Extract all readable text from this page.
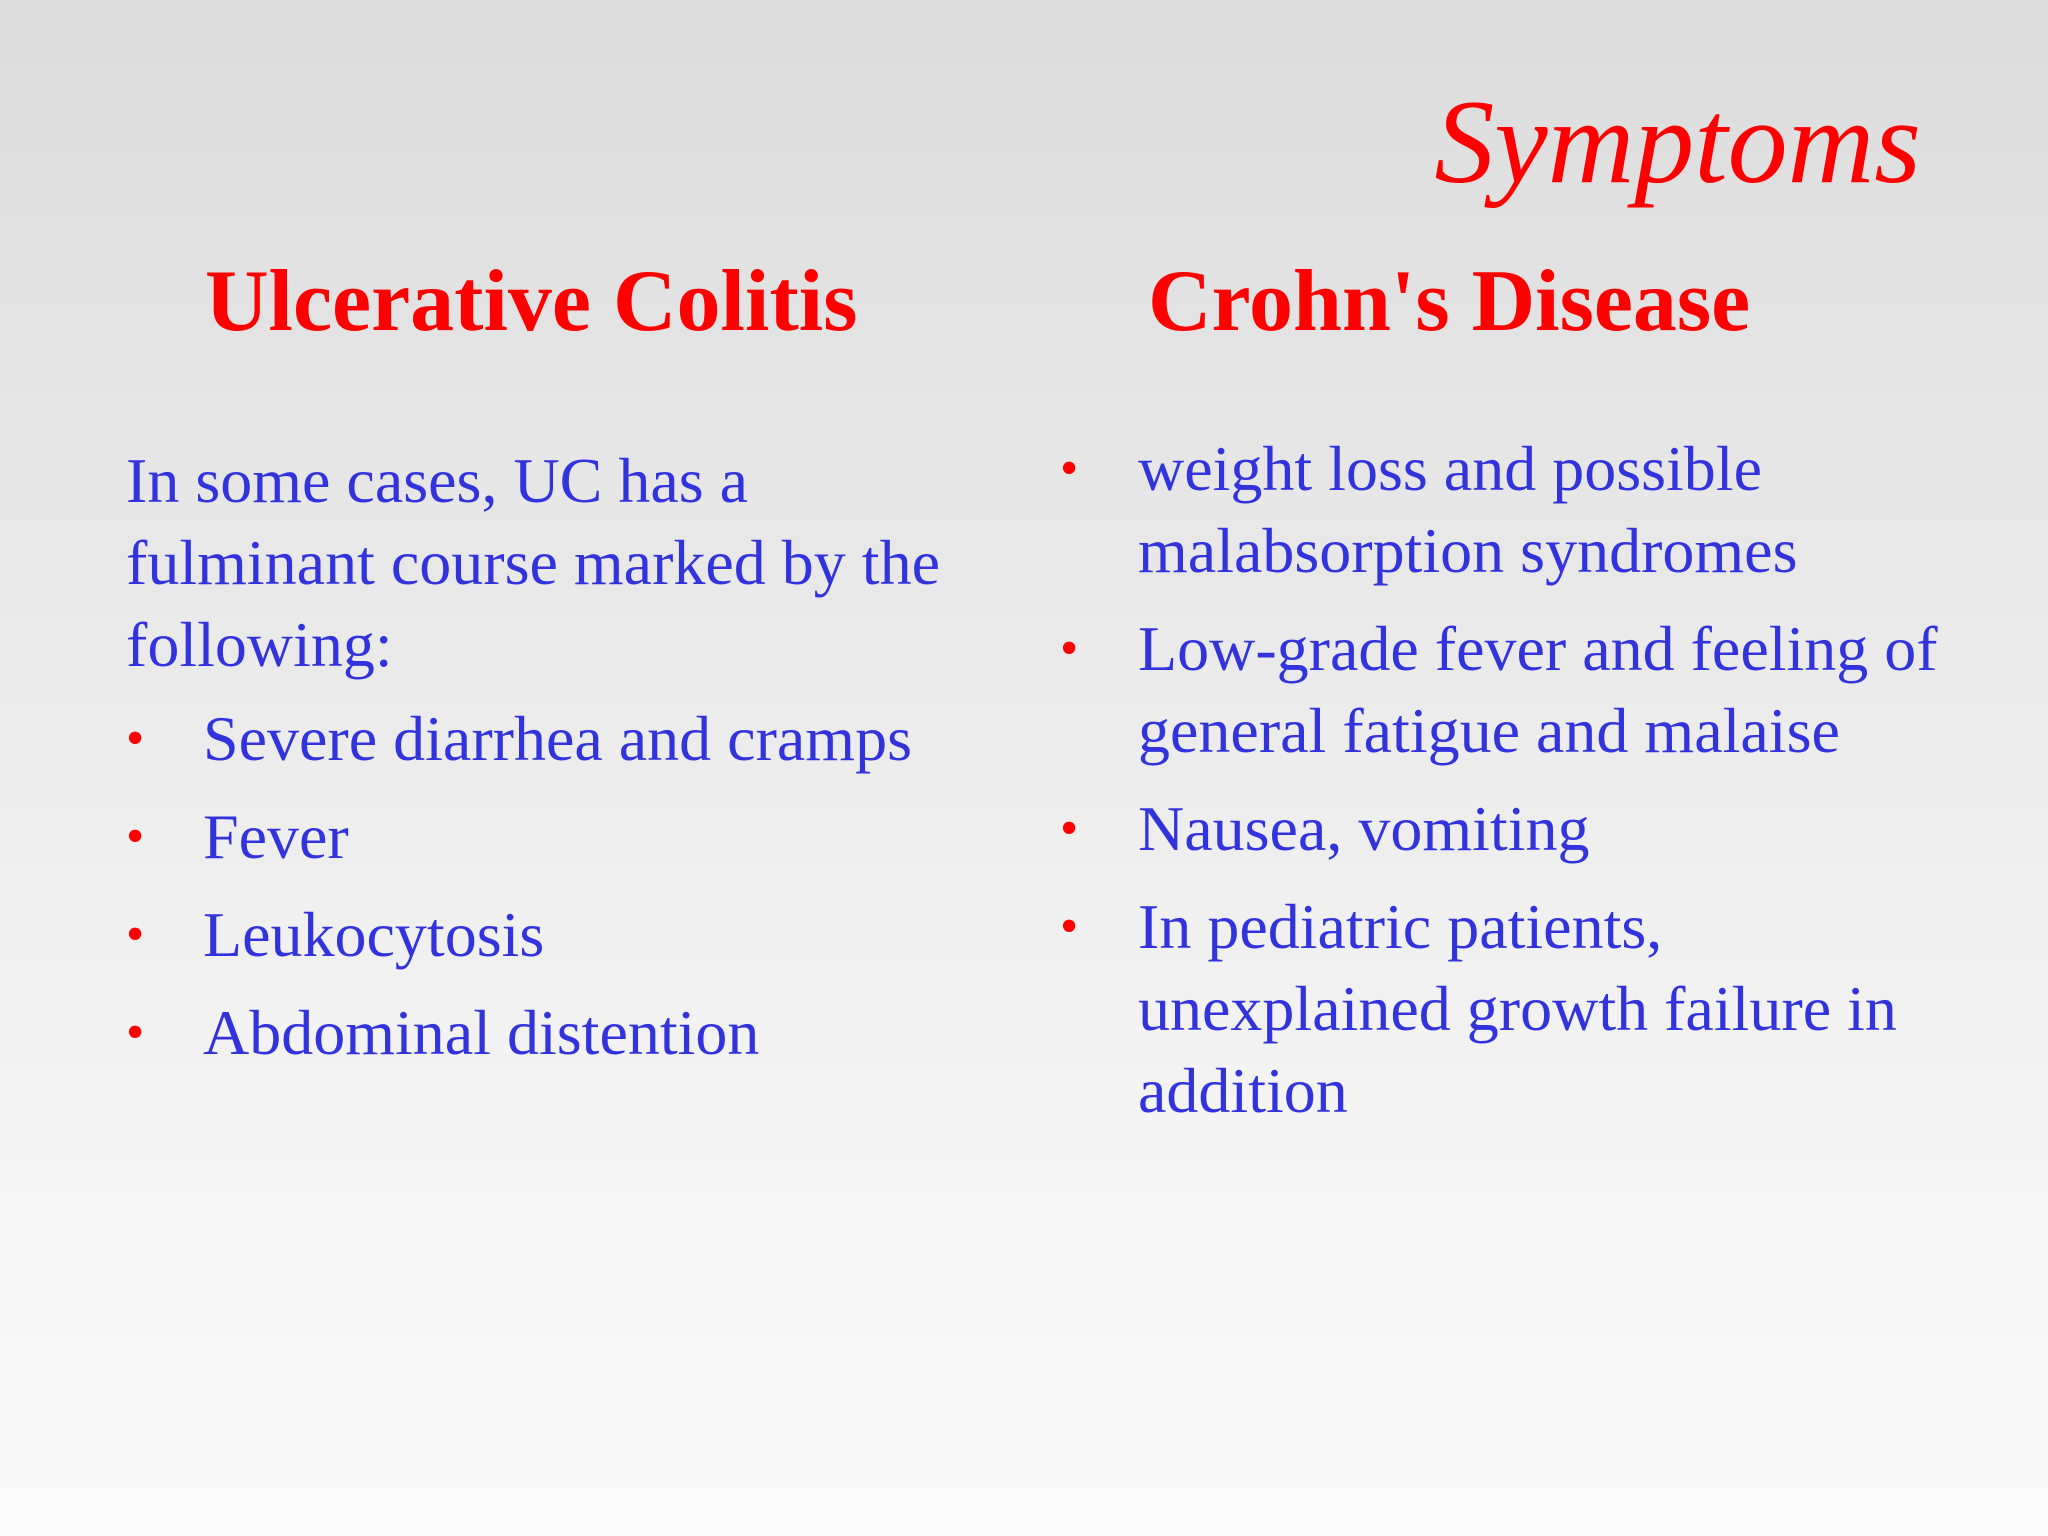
Symptoms
Ulcerative Colitis	Crohn's Disease

In some cases, UC has a fulminant course marked by the following:

• Severe diarrhea and cramps
• Fever
• Leukocytosis
• Abdominal distention
• weight loss and possible malabsorption syndromes
• Low-grade fever and feeling of general fatigue and malaise
• Nausea, vomiting
• In pediatric patients, unexplained growth failure in addition
